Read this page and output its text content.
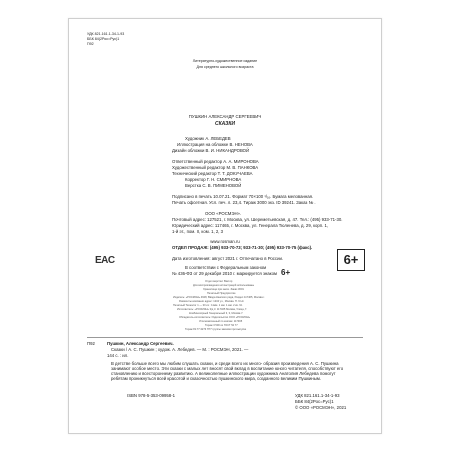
УДК 821.161.1-34-1-93
ББК 84(2Рос=Рус)1
П92
Литературно-художественное издание
Для среднего школьного возраста
ПУШКИН АЛЕКСАНДР СЕРГЕЕВИЧ
СКАЗКИ
Художник А. ЛЕБЕДЕВ
Иллюстрация на обложке В. НЕНОВА
Дизайн обложки В. И. НИКАНДРОВОЙ
Ответственный редактор А. А. МИРОНОВА
Художественный редактор М. В. ПАНКОВА
Технический редактор Т. Т. ДОКУЧАЕВА
Корректор Г. Н. СМИРНОВА
Верстка С. В. ПИМЕНОВОЙ
Подписано в печать 10.07.21. Формат 70×100 ¹/₁₆. Бумага мелованная.
Печать офсетная. Усл. печ. л. 23,4. Тираж 3000 экз. ID 39241. Заказ № .
ООО «РОСМЭН».
Почтовый адрес: 127521, г. Москва, ул. Шереметьевская, д. 47. Тел.: (495) 933-71-30.
Юридический адрес: 117465, г. Москва, ул. Генерала Тюленева, д. 29, корп. 1,
1-й эт., пом. II, ком. 1, 2, 3
www.rosman.ru
ОТДЕЛ ПРОДАЖ: (495) 933-70-73; 933-71-30; (495) 933-70-75 (факс).
EAC	6+
Дата изготовления: август 2021 г. Отпечатано в России.
В соответствии с Федеральным законом
№ 436-ФЗ от 29 декабря 2010 г. маркируется знаком 6+
Отдел верстки: Виктор
Для воспроизведения иллюстраций использованы
Хранилище при книге. Заказ 3001
Печатный Предприятие
Издатель: «РОСМЭН» 4628, Ввода Канского ряда, Раздел 117465, Москва г.
Реквизиты компании адрес: 1234 ул., Москва. П. 9 Нп
Печатный Технолог 1 — 30 из : 11мм. 1 мм. 1 мм. 2 кв. бл.
Изготовитель: «РОСМЭН» 3/д 3. 117465 Москва, Улица, Г.
Комбинаторный Генеральный 3, 3, Москва 7.
Обладатель-изготовитель: Издательство ООО «РОСМЭН»
Уполномоченный по книгам: 117465
Тираж 3 500 из ГОСТ 52 77
Тираж 81:77:4273 П77 группы заказов при выпуске
П92	Пушкин, Александр Сергеевич.
Сказки / А. С. Пушкин ; худож. А. Лебедев. — М. : РОСМЭН, 2021. —
144 с. : ил.
В детстве больше всего мы любим слушать сказки, и среди всего их много- образия произведения А. С. Пушкина занимают особое место. Эти сказки с малых лет вносят свой вклад в воспитание юного читателя, способствуют его становлению и всестороннему развитию. А великолепные иллюстрации художника Анатолия Лебедева помогут ребятам проникнуться всей красотой и сказочностью пушкинского мира, созданного великим Пушкиным.
ISBN 978-5-353-09958-1	УДК 821.161.1-34-1-93
ББК 84(2Рос=Рус)1
© ООО «РОСМЭН», 2021
